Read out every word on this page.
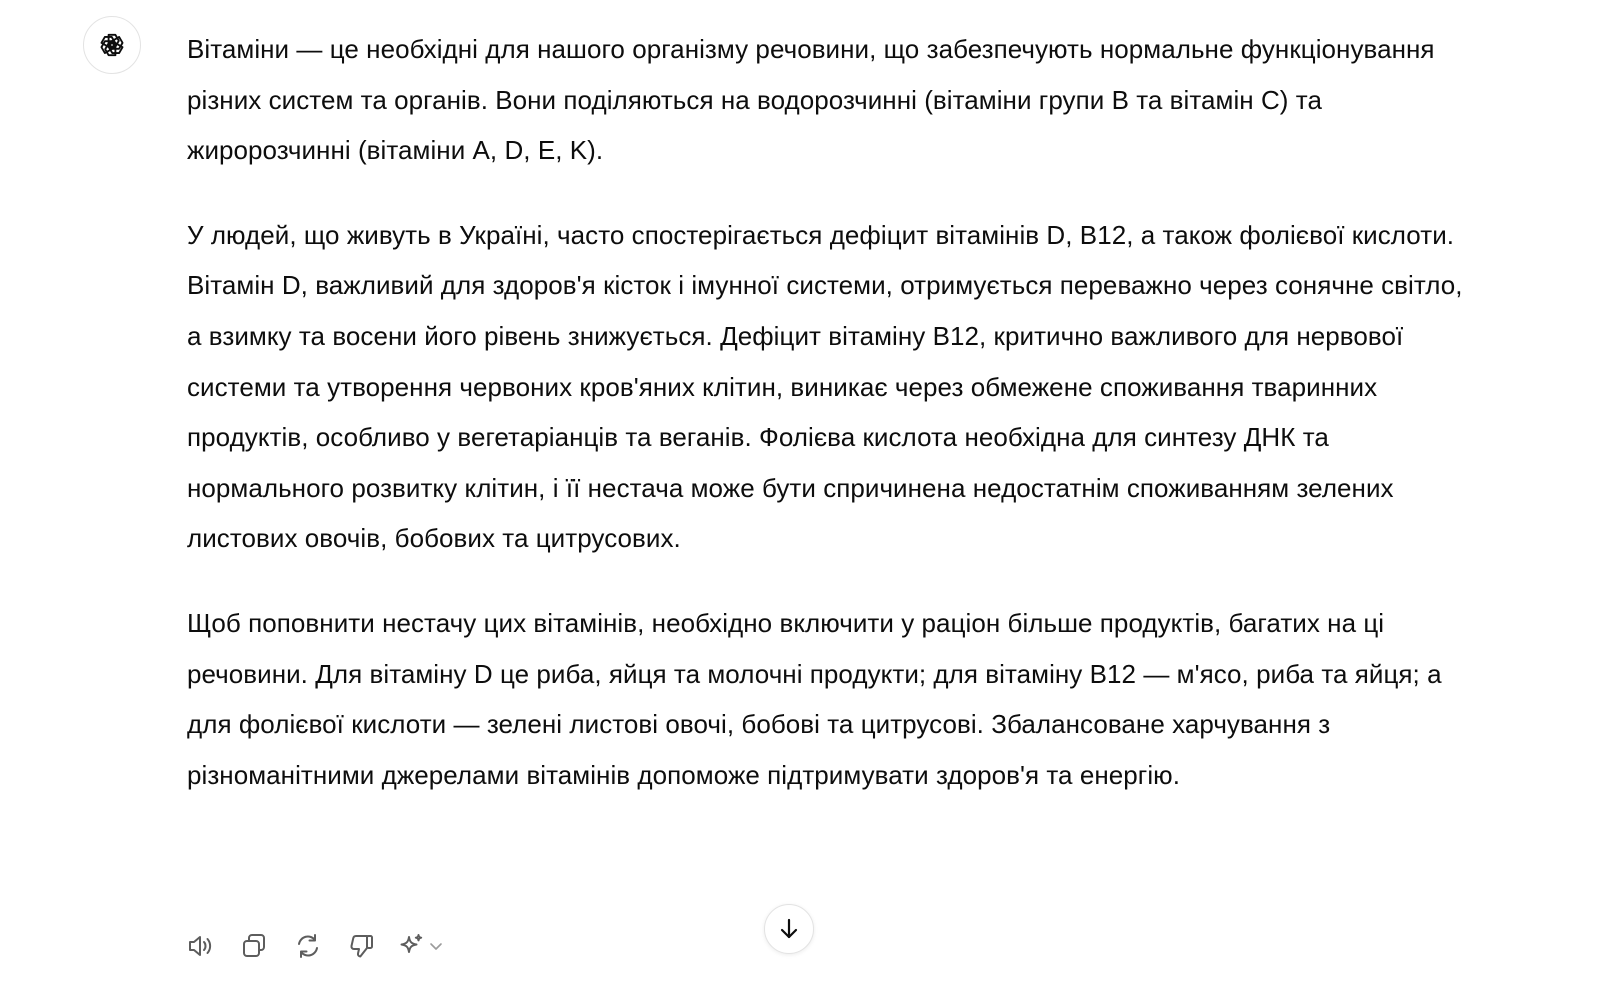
Вітаміни — це необхідні для нашого організму речовини, що забезпечують нормальне функціонування різних систем та органів. Вони поділяються на водорозчинні (вітаміни групи B та вітамін C) та жиророзчинні (вітаміни A, D, E, K).

У людей, що живуть в Україні, часто спостерігається дефіцит вітамінів D, B12, а також фолієвої кислоти. Вітамін D, важливий для здоров'я кісток і імунної системи, отримується переважно через сонячне світло, а взимку та восени його рівень знижується. Дефіцит вітаміну B12, критично важливого для нервової системи та утворення червоних кров'яних клітин, виникає через обмежене споживання тваринних продуктів, особливо у вегетаріанців та веганів. Фолієва кислота необхідна для синтезу ДНК та нормального розвитку клітин, і її нестача може бути спричинена недостатнім споживанням зелених листових овочів, бобових та цитрусових.

Щоб поповнити нестачу цих вітамінів, необхідно включити у раціон більше продуктів, багатих на ці речовини. Для вітаміну D це риба, яйця та молочні продукти; для вітаміну B12 — м'ясо, риба та яйця; а для фолієвої кислоти — зелені листові овочі, бобові та цитрусові. Збалансоване харчування з різноманітними джерелами вітамінів допоможе підтримувати здоров'я та енергію.
